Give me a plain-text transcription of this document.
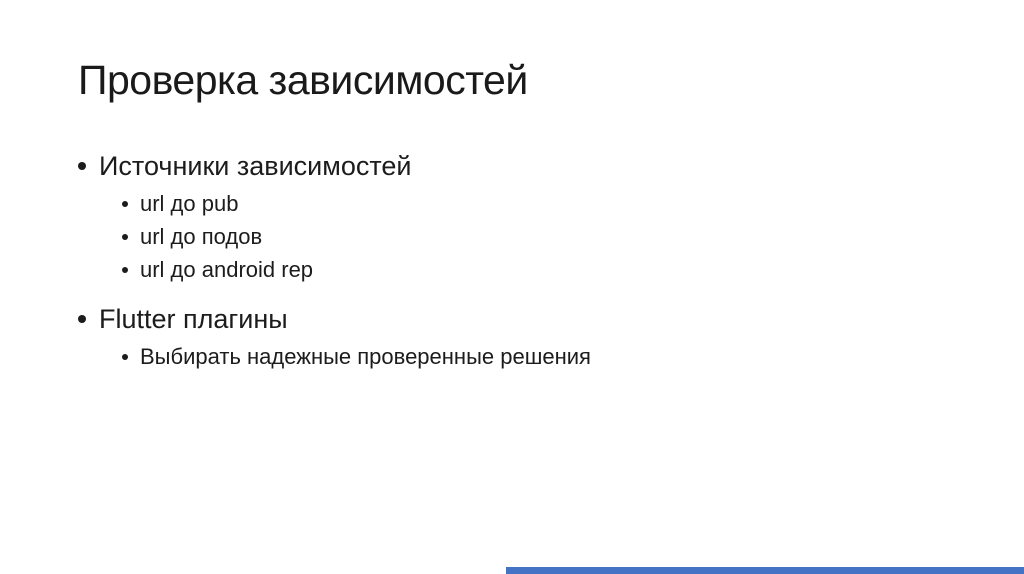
Проверка зависимостей
Источники зависимостей
url до pub
url до подов
url до android rep
Flutter плагины
Выбирать надежные проверенные решения
